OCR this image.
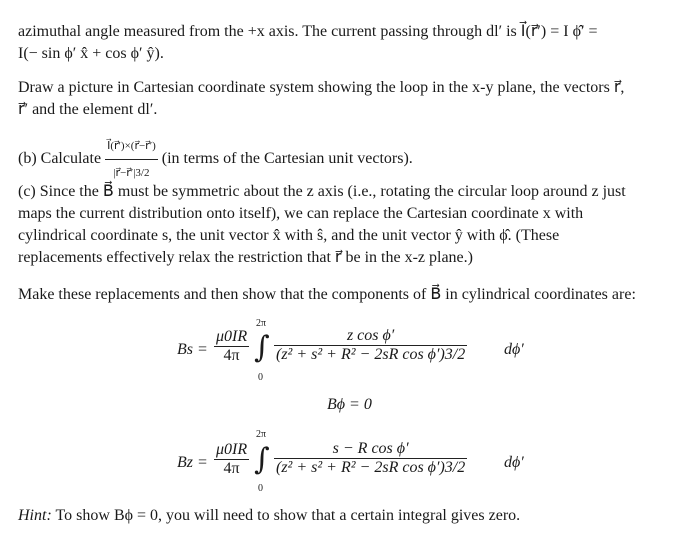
azimuthal angle measured from the +x axis. The current passing through dl′ is I⃗(r⃗′) = I ϕ̂′ =
I(− sin ϕ′ x̂ + cos ϕ′ ŷ).
Draw a picture in Cartesian coordinate system showing the loop in the x-y plane, the vectors r⃗,
r⃗′ and the element dl′.
(b) Calculate $\frac{I⃗(r⃗')\times(r⃗-r⃗')}{|r⃗-r⃗'|3/2} (in$ terms of the Cartesian unit vectors).
(c) Since the B⃗ must be symmetric about the z axis (i.e., rotating the circular loop around z just
maps the current distribution onto itself), we can replace the Cartesian coordinate x with
cylindrical coordinate s, the unit vector x̂ with ŝ, and the unit vector ŷ with ϕ̂. (These
replacements effectively relax the restriction that r⃗ be in the x-z plane.)
Make these replacements and then show that the components of B⃗ in cylindrical coordinates are:
$Bs = \frac{\mu 0IR}{4\pi}$
2π
∫
0
$\frac{\text{z cos ϕ′}}{\text{(z² + s² + R² − 2sR cos ϕ′)3/2}} d\phi'$
Bϕ = 0
$Bz = \frac{\mu 0IR}{4\pi}$
2π
∫
0
$\frac{\text{s − R cos ϕ′}}{\text{(z² + s² + R² − 2sR cos ϕ′)3/2}} d\phi'$
Hint: To show Bϕ = 0, you will need to show that a certain integral gives zero.
